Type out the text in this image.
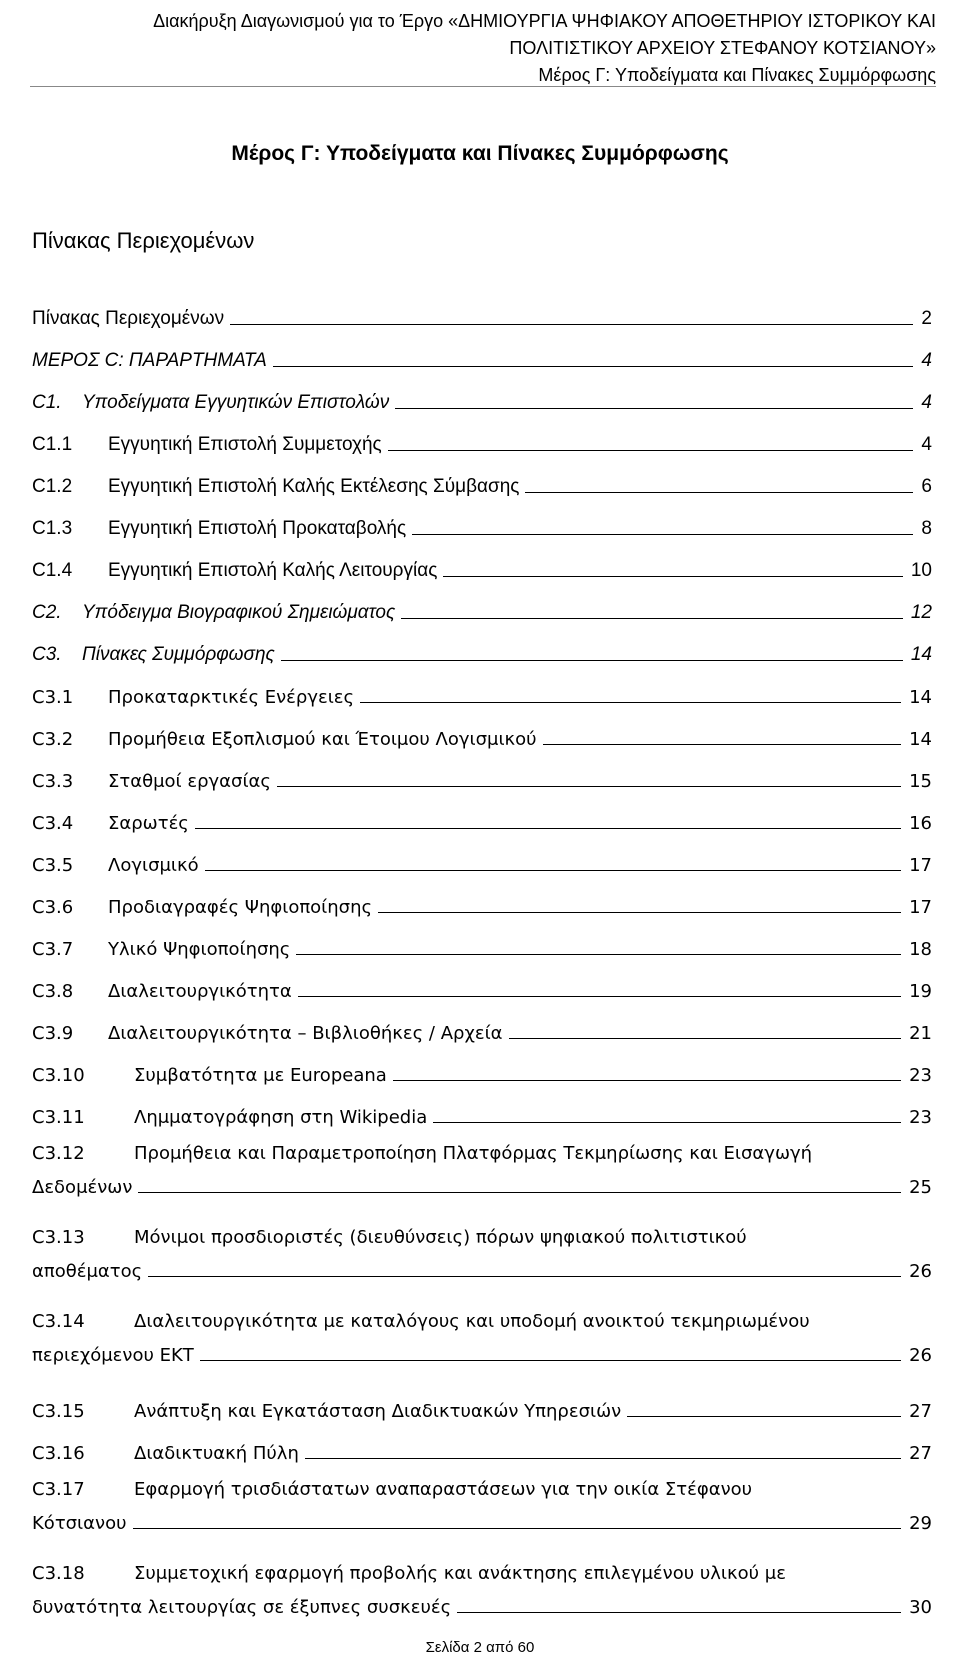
Διακήρυξη Διαγωνισμού για το Έργο «ΔΗΜΙΟΥΡΓΙΑ ΨΗΦΙΑΚΟΥ ΑΠΟΘΕΤΗΡΙΟΥ ΙΣΤΟΡΙΚΟΥ ΚΑΙ
ΠΟΛΙΤΙΣΤΙΚΟΥ ΑΡΧΕΙΟΥ ΣΤΕΦΑΝΟΥ ΚΟΤΣΙΑΝΟΥ»
Μέρος Γ: Υποδείγματα και Πίνακες Συμμόρφωσης
Μέρος Γ: Υποδείγματα και Πίνακες Συμμόρφωσης
Πίνακας Περιεχομένων
Πίνακας Περιεχομένων	2
ΜΕΡΟΣ C: ΠΑΡΑΡΤΗΜΑΤΑ	4
C1.	Υποδείγματα Εγγυητικών Επιστολών	4
C1.1	Εγγυητική Επιστολή Συμμετοχής	4
C1.2	Εγγυητική Επιστολή Καλής Εκτέλεσης Σύμβασης	6
C1.3	Εγγυητική Επιστολή Προκαταβολής	8
C1.4	Εγγυητική Επιστολή Καλής Λειτουργίας	10
C2.	Υπόδειγμα Βιογραφικού Σημειώματος	12
C3.	Πίνακες Συμμόρφωσης	14
C3.1	Προκαταρκτικές Ενέργειες	14
C3.2	Προμήθεια Εξοπλισμού και Έτοιμου Λογισμικού	14
C3.3	Σταθμοί εργασίας	15
C3.4	Σαρωτές	16
C3.5	Λογισμικό	17
C3.6	Προδιαγραφές Ψηφιοποίησης	17
C3.7	Υλικό Ψηφιοποίησης	18
C3.8	Διαλειτουργικότητα	19
C3.9	Διαλειτουργικότητα – Βιβλιοθήκες / Αρχεία	21
C3.10	Συμβατότητα με Europeana	23
C3.11	Λημματογράφηση στη Wikipedia	23
C3.12	Προμήθεια και Παραμετροποίηση Πλατφόρμας Τεκμηρίωσης και Εισαγωγή
Δεδομένων	25
C3.13	Μόνιμοι προσδιοριστές (διευθύνσεις) πόρων ψηφιακού πολιτιστικού
αποθέματος	26
C3.14	Διαλειτουργικότητα με καταλόγους και υποδομή ανοικτού τεκμηριωμένου
περιεχόμενου ΕΚΤ	26
C3.15	Ανάπτυξη και Εγκατάσταση Διαδικτυακών Υπηρεσιών	27
C3.16	Διαδικτυακή Πύλη	27
C3.17	Εφαρμογή τρισδιάστατων αναπαραστάσεων για την οικία Στέφανου
Κότσιανου	29
C3.18	Συμμετοχική εφαρμογή προβολής και ανάκτησης επιλεγμένου υλικού με
δυνατότητα λειτουργίας σε έξυπνες συσκευές	30
Σελίδα 2 από 60
